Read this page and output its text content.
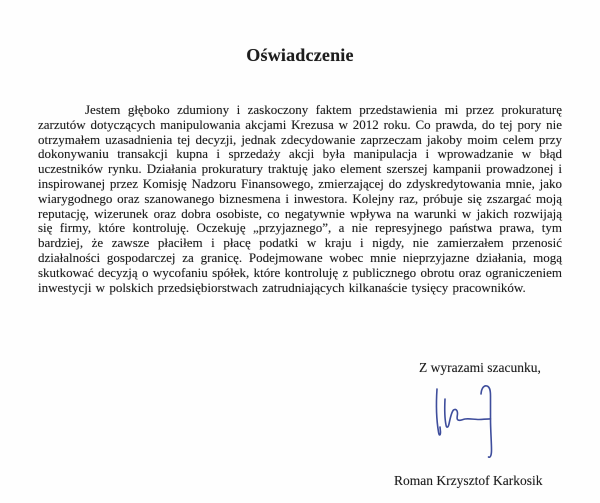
Oświadczenie

Jestem głęboko zdumiony i zaskoczony faktem przedstawienia mi przez prokuraturę zarzutów dotyczących manipulowania akcjami Krezusa w 2012 roku. Co prawda, do tej pory nie otrzymałem uzasadnienia tej decyzji, jednak zdecydowanie zaprzeczam jakoby moim celem przy dokonywaniu transakcji kupna i sprzedaży akcji była manipulacja i wprowadzanie w błąd uczestników rynku. Działania prokuratury traktuję jako element szerszej kampanii prowadzonej i inspirowanej przez Komisję Nadzoru Finansowego, zmierzającej do zdyskredytowania mnie, jako wiarygodnego oraz szanowanego biznesmena i inwestora. Kolejny raz, próbuje się zszargać moją reputację, wizerunek oraz dobra osobiste, co negatywnie wpływa na warunki w jakich rozwijają się firmy, które kontroluję. Oczekuję „przyjaznego”, a nie represyjnego państwa prawa, tym bardziej, że zawsze płaciłem i płacę podatki w kraju i nigdy, nie zamierzałem przenosić działalności gospodarczej za granicę. Podejmowane wobec mnie nieprzyjazne działania, mogą skutkować decyzją o wycofaniu spółek, które kontroluję z publicznego obrotu oraz ograniczeniem inwestycji w polskich przedsiębiorstwach zatrudniających kilkanaście tysięcy pracowników.

Z wyrazami szacunku,
Roman Krzysztof Karkosik
